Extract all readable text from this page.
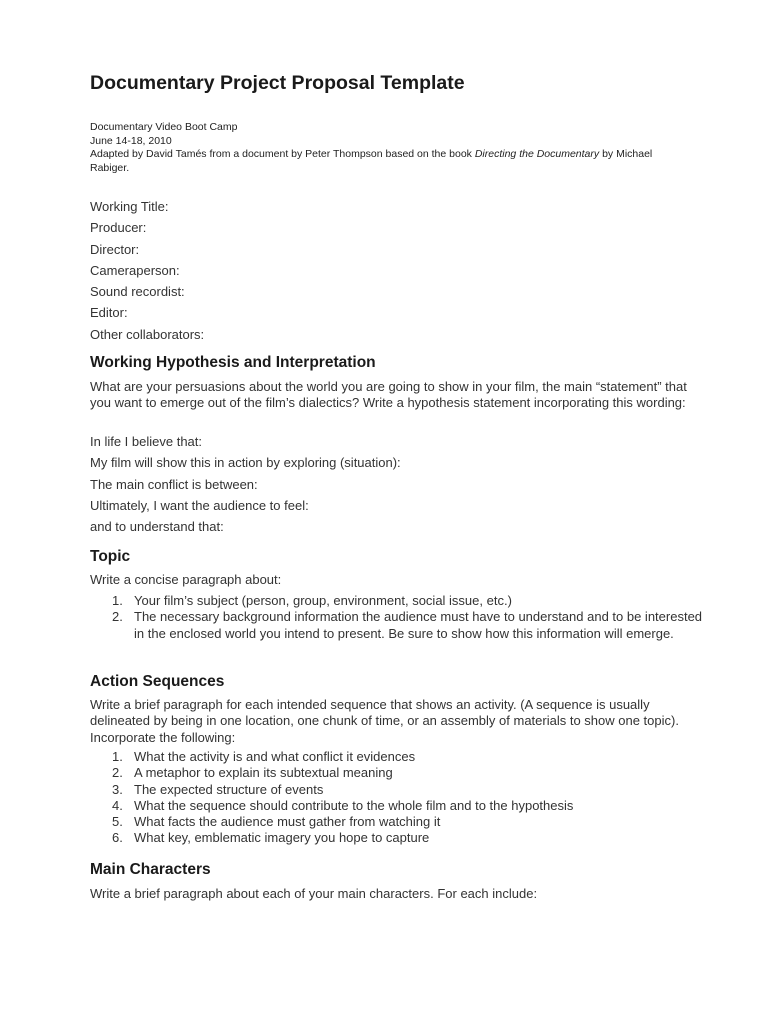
Documentary Project Proposal Template
Documentary Video Boot Camp
June 14-18, 2010
Adapted by David Tamés from a document by Peter Thompson based on the book Directing the Documentary by Michael Rabiger.
Working Title:
Producer:
Director:
Cameraperson:
Sound recordist:
Editor:
Other collaborators:
Working Hypothesis and Interpretation

What are your persuasions about the world you are going to show in your film, the main “statement” that you want to emerge out of the film’s dialectics? Write a hypothesis statement incorporating this wording:

In life I believe that:
My film will show this in action by exploring (situation):
The main conflict is between:
Ultimately, I want the audience to feel:
and to understand that:
Topic

Write a concise paragraph about:

1. Your film’s subject (person, group, environment, social issue, etc.)
2. The necessary background information the audience must have to understand and to be interested in the enclosed world you intend to present. Be sure to show how this information will emerge.
Action Sequences

Write a brief paragraph for each intended sequence that shows an activity. (A sequence is usually delineated by being in one location, one chunk of time, or an assembly of materials to show one topic). Incorporate the following:

1. What the activity is and what conflict it evidences
2. A metaphor to explain its subtextual meaning
3. The expected structure of events
4. What the sequence should contribute to the whole film and to the hypothesis
5. What facts the audience must gather from watching it
6. What key, emblematic imagery you hope to capture
Main Characters

Write a brief paragraph about each of your main characters. For each include:
